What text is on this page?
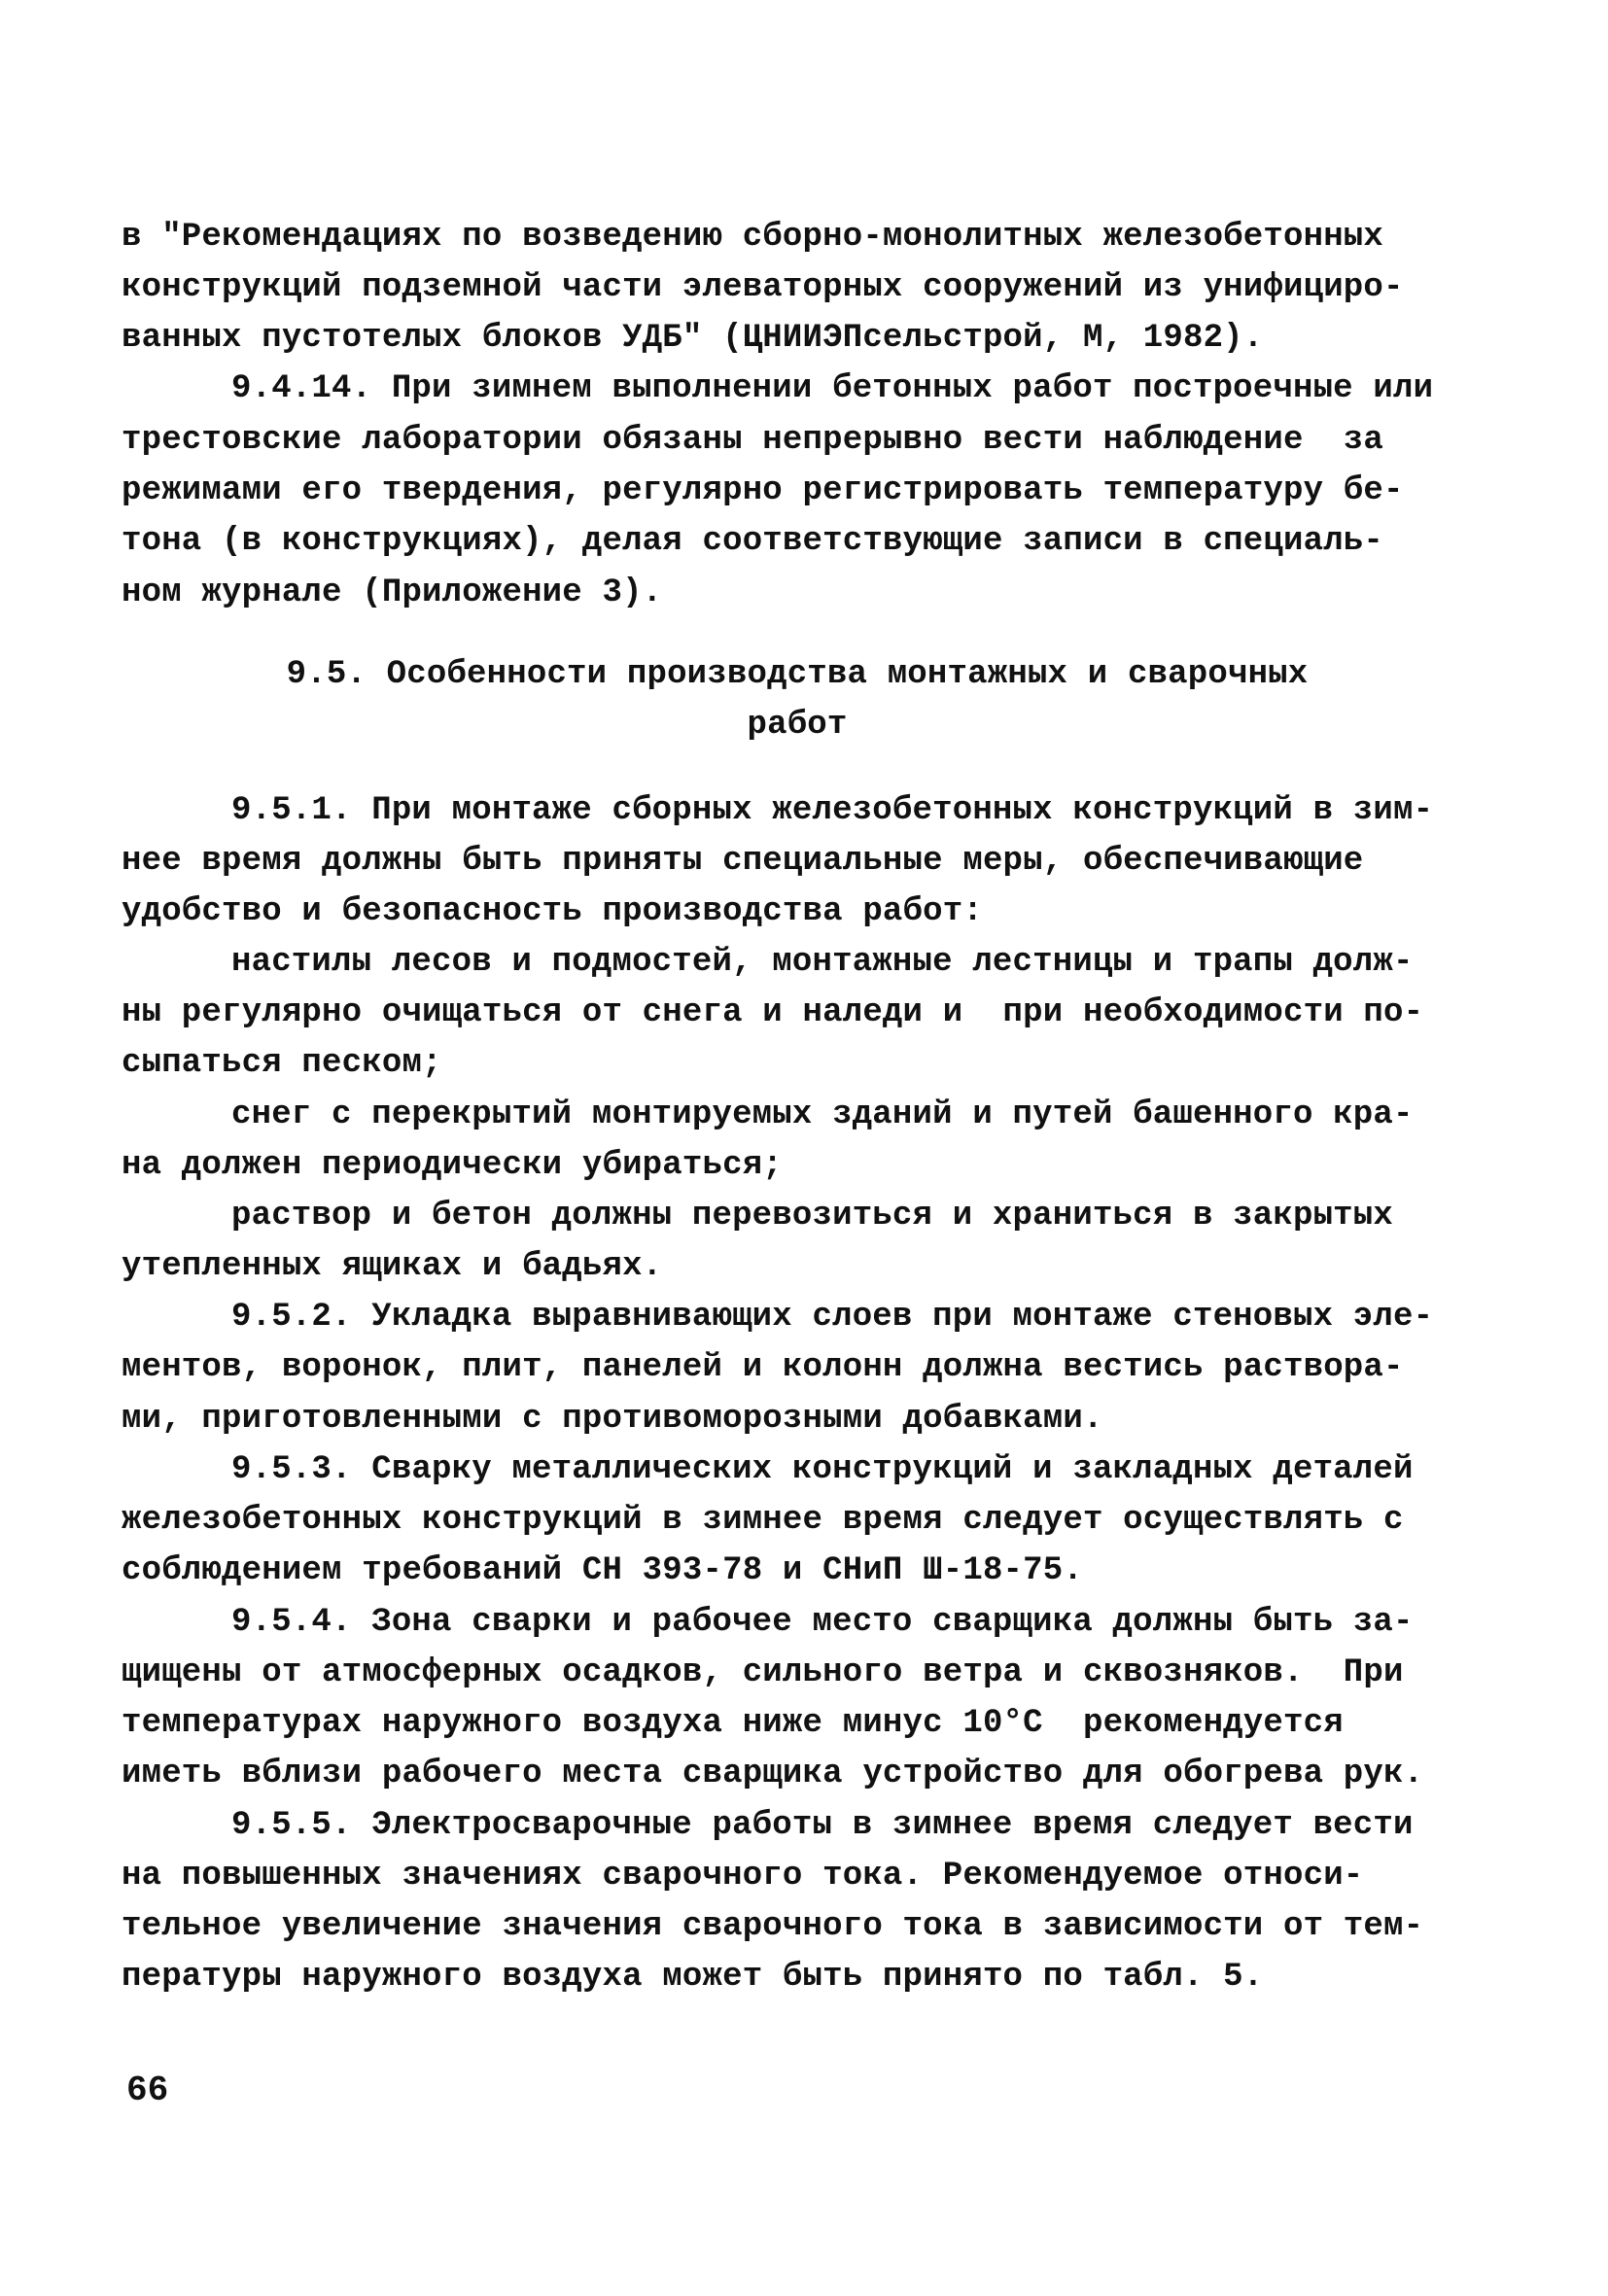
в "Рекомендациях по возведению сборно-монолитных железобетонных
конструкций подземной части элеваторных сооружений из унифициро-
ванных пустотелых блоков УДБ" (ЦНИИЭПсельстрой, М, 1982).
9.4.14. При зимнем выполнении бетонных работ построечные или
трестовские лаборатории обязаны непрерывно вести наблюдение  за
режимами его твердения, регулярно регистрировать температуру бе-
тона (в конструкциях), делая соответствующие записи в специаль-
ном журнале (Приложение 3).
9.5. Особенности производства монтажных и сварочных
работ
9.5.1. При монтаже сборных железобетонных конструкций в зим-
нее время должны быть приняты специальные меры, обеспечивающие
удобство и безопасность производства работ:
настилы лесов и подмостей, монтажные лестницы и трапы долж-
ны регулярно очищаться от снега и наледи и  при необходимости по-
сыпаться песком;
снег с перекрытий монтируемых зданий и путей башенного кра-
на должен периодически убираться;
раствор и бетон должны перевозиться и храниться в закрытых
утепленных ящиках и бадьях.
9.5.2. Укладка выравнивающих слоев при монтаже стеновых эле-
ментов, воронок, плит, панелей и колонн должна вестись раствора-
ми, приготовленными с противоморозными добавками.
9.5.3. Сварку металлических конструкций и закладных деталей
железобетонных конструкций в зимнее время следует осуществлять с
соблюдением требований СН 393-78 и СНиП Ш-18-75.
9.5.4. Зона сварки и рабочее место сварщика должны быть за-
щищены от атмосферных осадков, сильного ветра и сквозняков.  При
температурах наружного воздуха ниже минус 10°C  рекомендуется
иметь вблизи рабочего места сварщика устройство для обогрева рук.
9.5.5. Электросварочные работы в зимнее время следует вести
на повышенных значениях сварочного тока. Рекомендуемое относи-
тельное увеличение значения сварочного тока в зависимости от тем-
пературы наружного воздуха может быть принято по табл. 5.
66
